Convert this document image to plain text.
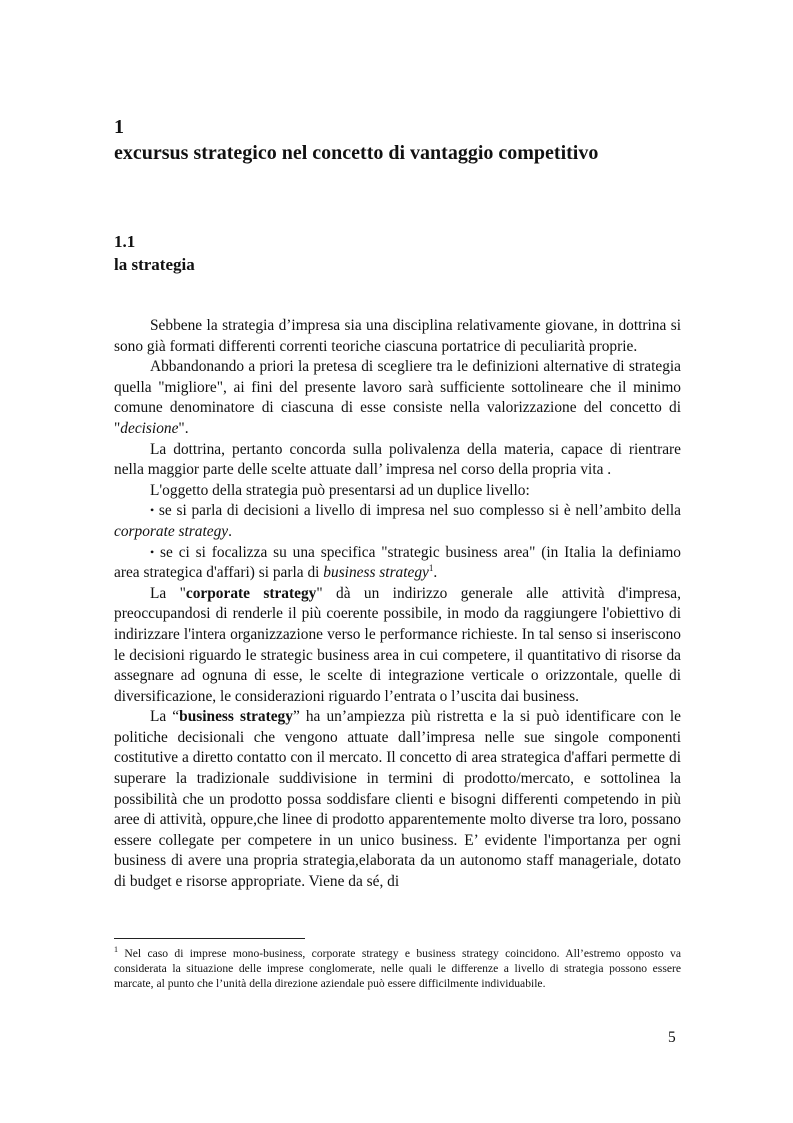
1
excursus strategico nel concetto di vantaggio competitivo
1.1
la strategia

Sebbene la strategia d’impresa sia una disciplina relativamente giovane, in dottrina si sono già formati differenti correnti teoriche ciascuna portatrice di peculiarità proprie.

Abbandonando a priori la pretesa di scegliere tra le definizioni alternative di strategia quella "migliore", ai fini del presente lavoro sarà sufficiente sottolineare che il minimo comune denominatore di ciascuna di esse consiste nella valorizzazione del concetto di "decisione".

La dottrina, pertanto concorda sulla polivalenza della materia, capace di rientrare nella maggior parte delle scelte attuate dall’ impresa nel corso della propria vita .

L'oggetto della strategia può presentarsi ad un duplice livello:

• se si parla di decisioni a livello di impresa nel suo complesso si è nell’ambito della corporate strategy.

• se ci si focalizza su una specifica "strategic business area" (in Italia la definiamo area strategica d'affari) si parla di business strategy$^1$.

La "corporate strategy" dà un indirizzo generale alle attività d'impresa, preoccupandosi di renderle il più coerente possibile, in modo da raggiungere l'obiettivo di indirizzare l'intera organizzazione verso le performance richieste. In tal senso si inseriscono le decisioni riguardo le strategic business area in cui competere, il quantitativo di risorse da assegnare ad ognuna di esse, le scelte di integrazione verticale o orizzontale, quelle di diversificazione, le considerazioni riguardo l’entrata o l’uscita dai business.

La “business strategy” ha un’ampiezza più ristretta e la si può identificare con le politiche decisionali che vengono attuate dall’impresa nelle sue singole componenti costitutive a diretto contatto con il mercato. Il concetto di area strategica d'affari permette di superare la tradizionale suddivisione in termini di prodotto/mercato, e sottolinea la possibilità che un prodotto possa soddisfare clienti e bisogni differenti competendo in più aree di attività, oppure,che linee di prodotto apparentemente molto diverse tra loro, possano essere collegate per competere in un unico business. E’ evidente l'importanza per ogni business di avere una propria strategia,elaborata da un autonomo staff manageriale, dotato di budget e risorse appropriate. Viene da sé, di

$^1$ Nel caso di imprese mono-business, corporate strategy e business strategy coincidono. All’estremo opposto va considerata la situazione delle imprese conglomerate, nelle quali le differenze a livello di strategia possono essere marcate, al punto che l’unità della direzione aziendale può essere difficilmente individuabile.
5
